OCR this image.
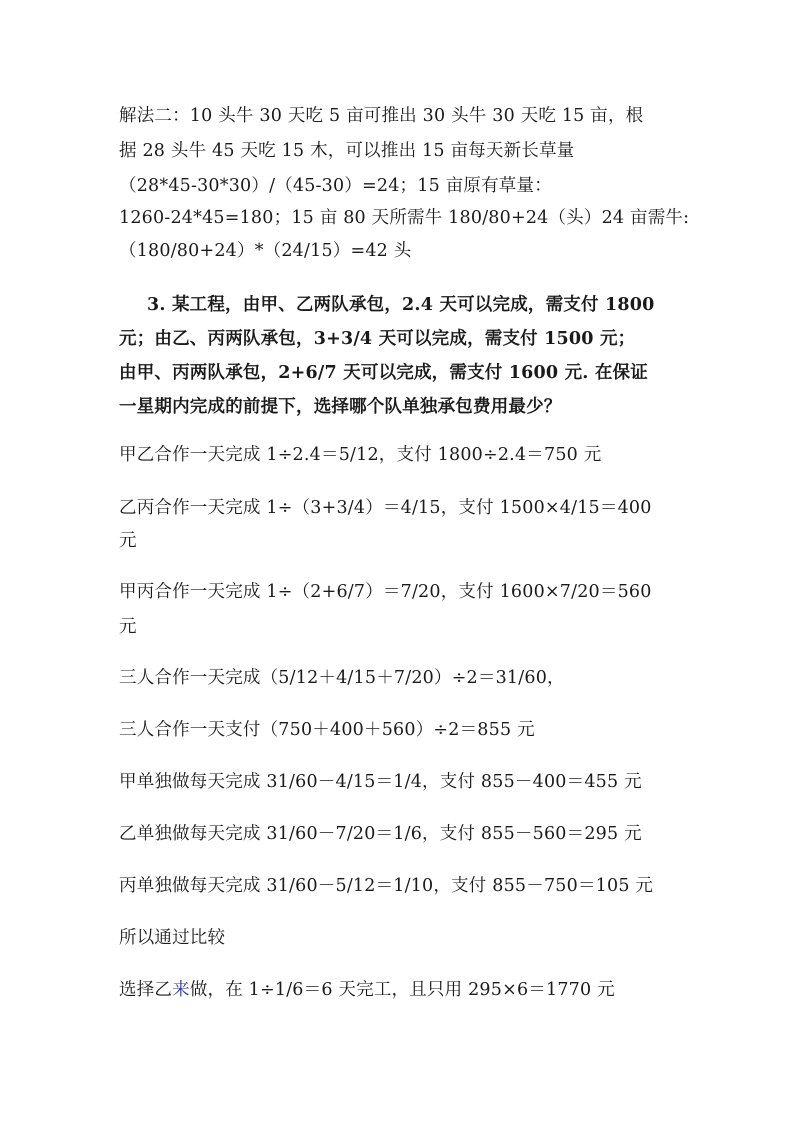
解法二：10 头牛 30 天吃 5 亩可推出 30 头牛 30 天吃 15 亩，根
据 28 头牛 45 天吃 15 木，可以推出 15 亩每天新长草量
（28*45-30*30）/（45-30）=24；15 亩原有草量：
1260-24*45=180；15 亩 80 天所需牛 180/80+24（头）24 亩需牛:
（180/80+24）*（24/15）=42 头
3. 某工程，由甲、乙两队承包，2.4 天可以完成，需支付 1800
元；由乙、丙两队承包，3+3/4 天可以完成，需支付 1500 元；
由甲、丙两队承包，2+6/7 天可以完成，需支付 1600 元. 在保证
一星期内完成的前提下，选择哪个队单独承包费用最少？
甲乙合作一天完成 1÷2.4＝5/12，支付 1800÷2.4＝750 元
乙丙合作一天完成 1÷（3+3/4）＝4/15，支付 1500×4/15＝400
元
甲丙合作一天完成 1÷（2+6/7）＝7/20，支付 1600×7/20＝560
元
三人合作一天完成（5/12＋4/15＋7/20）÷2＝31/60，
三人合作一天支付（750＋400＋560）÷2＝855 元
甲单独做每天完成 31/60－4/15＝1/4，支付 855－400＝455 元
乙单独做每天完成 31/60－7/20＝1/6，支付 855－560＝295 元
丙单独做每天完成 31/60－5/12＝1/10，支付 855－750＝105 元
所以通过比较
选择乙来做，在 1÷1/6＝6 天完工，且只用 295×6＝1770 元
